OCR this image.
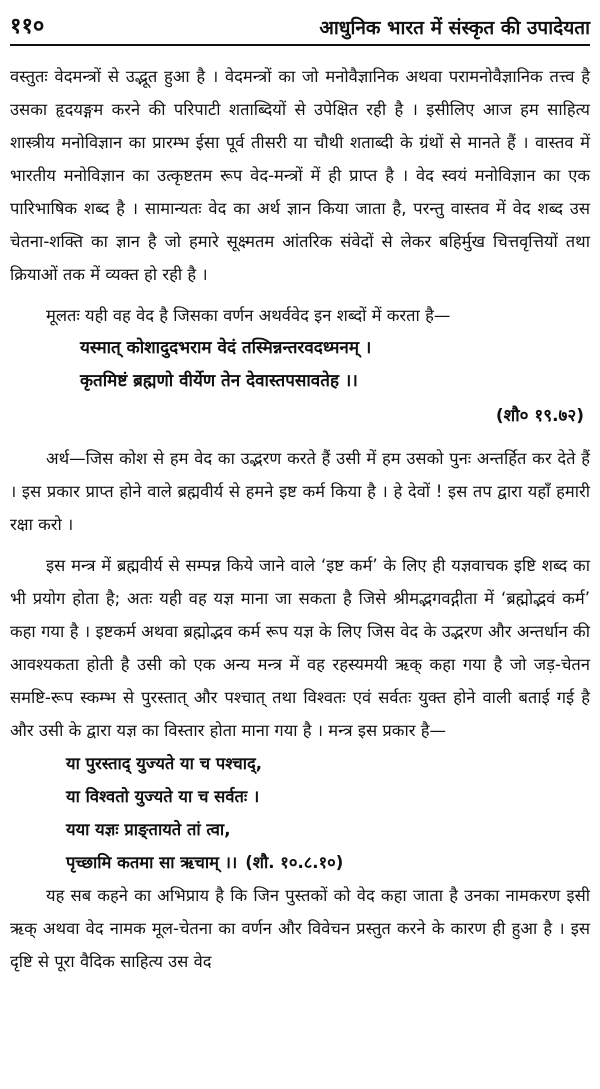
११०	आधुनिक भारत में संस्कृत की उपादेयता

वस्तुतः वेदमन्त्रों से उद्भूत हुआ है । वेदमन्त्रों का जो मनोवैज्ञानिक अथवा परामनोवैज्ञानिक तत्त्व है उसका हृदयङ्गम करने की परिपाटी शताब्दियों से उपेक्षित रही है । इसीलिए आज हम साहित्य शास्त्रीय मनोविज्ञान का प्रारम्भ ईसा पूर्व तीसरी या चौथी शताब्दी के ग्रंथों से मानते हैं । वास्तव में भारतीय मनोविज्ञान का उत्कृष्टतम रूप वेद-मन्त्रों में ही प्राप्त है । वेद स्वयं मनोविज्ञान का एक पारिभाषिक शब्द है । सामान्यतः वेद का अर्थ ज्ञान किया जाता है, परन्तु वास्तव में वेद शब्द उस चेतना-शक्ति का ज्ञान है जो हमारे सूक्ष्मतम आंतरिक संवेदों से लेकर बहिर्मुख चित्तवृत्तियों तथा क्रियाओं तक में व्यक्त हो रही है ।

मूलतः यही वह वेद है जिसका वर्णन अथर्ववेद इन शब्दों में करता है—

यस्मात् कोशादुदभराम वेदं तस्मिन्नन्तरवदध्मनम् ।

कृतमिष्टं ब्रह्मणो वीर्येण तेन देवास्तपसावतेह ।।

(शौ० १९.७२)

अर्थ—जिस कोश से हम वेद का उद्भरण करते हैं उसी में हम उसको पुनः अन्तर्हित कर देते हैं । इस प्रकार प्राप्त होने वाले ब्रह्मवीर्य से हमने इष्ट कर्म किया है । हे देवों ! इस तप द्वारा यहाँ हमारी रक्षा करो ।

इस मन्त्र में ब्रह्मवीर्य से सम्पन्न किये जाने वाले ‘इष्ट कर्म’ के लिए ही यज्ञवाचक इष्टि शब्द का भी प्रयोग होता है; अतः यही वह यज्ञ माना जा सकता है जिसे श्रीमद्भगवद्गीता में ‘ब्रह्मोद्भवं कर्म’ कहा गया है । इष्टकर्म अथवा ब्रह्मोद्भव कर्म रूप यज्ञ के लिए जिस वेद के उद्भरण और अन्तर्धान की आवश्यकता होती है उसी को एक अन्य मन्त्र में वह रहस्यमयी ऋक् कहा गया है जो जड़-चेतन समष्टि-रूप स्कम्भ से पुरस्तात् और पश्चात् तथा विश्वतः एवं सर्वतः युक्त होने वाली बताई गई है और उसी के द्वारा यज्ञ का विस्तार होता माना गया है । मन्त्र इस प्रकार है—

या पुरस्ताद् युज्यते या च पश्चाद्,

या विश्वतो युज्यते या च सर्वतः ।

यया यज्ञः प्राङ्तायते तां त्वा,

पृच्छामि कतमा सा ऋचाम् ।। (शौ. १०.८.१०)

यह सब कहने का अभिप्राय है कि जिन पुस्तकों को वेद कहा जाता है उनका नामकरण इसी ऋक् अथवा वेद नामक मूल-चेतना का वर्णन और विवेचन प्रस्तुत करने के कारण ही हुआ है । इस दृष्टि से पूरा वैदिक साहित्य उस वेद
